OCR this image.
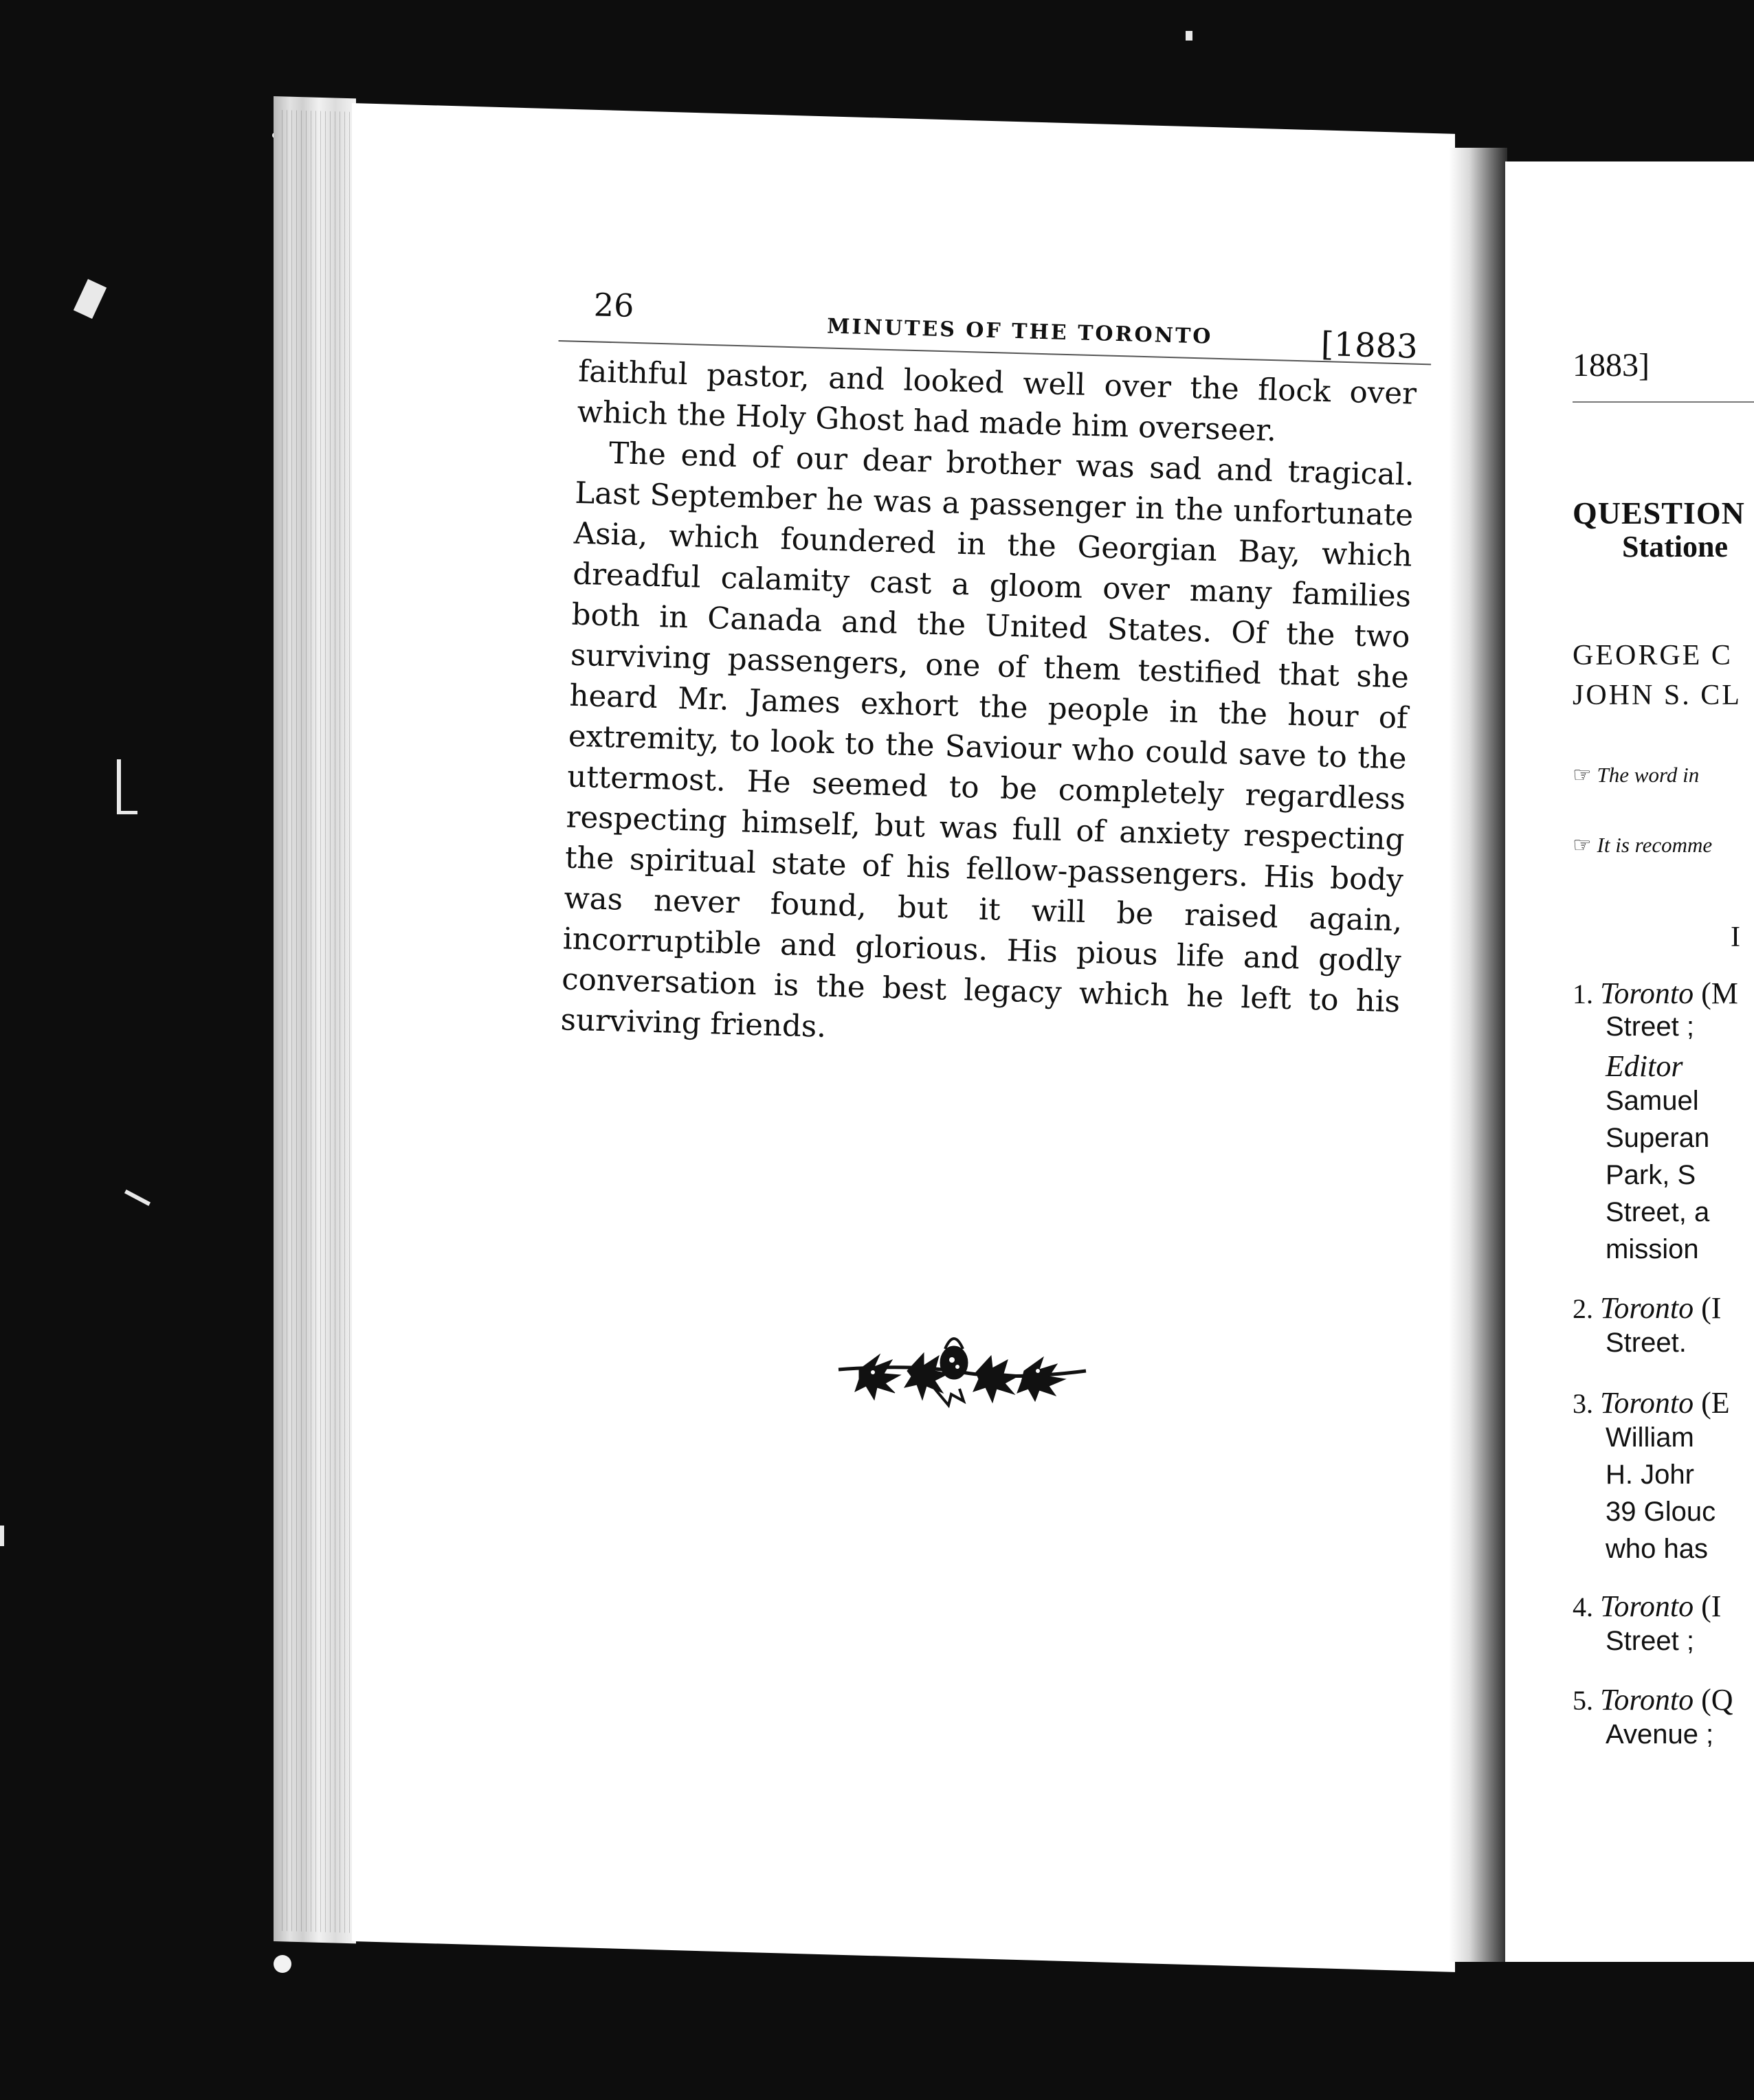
26
MINUTES OF THE TORONTO	[1883

faithful pastor, and looked well over the flock over which the Holy Ghost had made him overseer.

The end of our dear brother was sad and tragical. Last September he was a passenger in the unfortunate Asia, which foundered in the Georgian Bay, which dreadful calamity cast a gloom over many families both in Canada and the United States. Of the two surviving passengers, one of them testified that she heard Mr. James exhort the people in the hour of extremity, to look to the Saviour who could save to the uttermost. He seemed to be completely regardless respecting himself, but was full of anxiety respecting the spiritual state of his fellow-passengers. His body was never found, but it will be raised again, incorruptible and glorious. His pious life and godly conversation is the best legacy which he left to his surviving friends.

1883]
QUESTION
Statione
GEORGE C
JOHN S. CL
☞ The word in
☞ It is recomme
I
1. Toronto (M
Street ;
Editor
Samuel
Superan
Park, S
Street, a
mission
2. Toronto (I
Street.
3. Toronto (E
William
H. Johr
39 Glouc
who has
4. Toronto (I
Street ;
5. Toronto (Q
Avenue ;
